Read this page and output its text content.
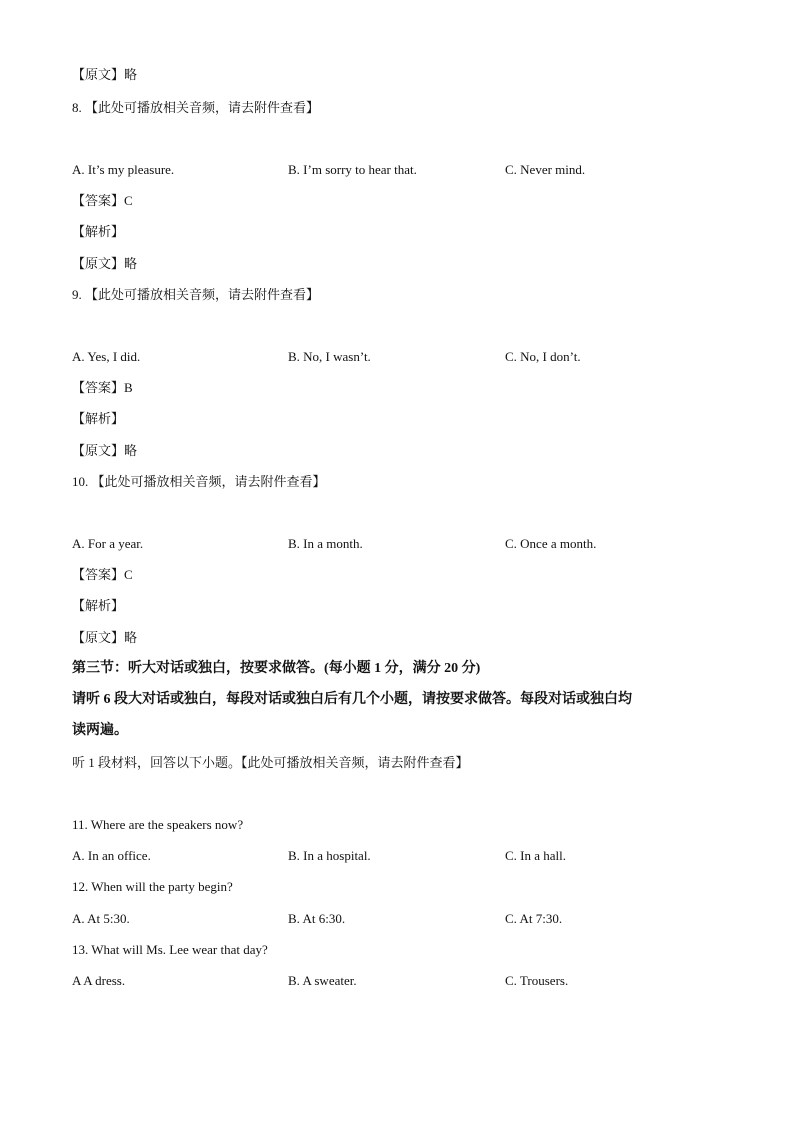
【原文】略
8. 【此处可播放相关音频，请去附件查看】
A. It’s my pleasure.	B. I’m sorry to hear that.	C. Never mind.
【答案】C
【解析】
【原文】略
9. 【此处可播放相关音频，请去附件查看】
A. Yes, I did.	B. No, I wasn’t.	C. No, I don’t.
【答案】B
【解析】
【原文】略
10. 【此处可播放相关音频，请去附件查看】
A. For a year.	B. In a month.	C. Once a month.
【答案】C
【解析】
【原文】略
第三节：听大对话或独白，按要求做答。(每小题 1 分，满分 20 分)
请听 6 段大对话或独白，每段对话或独白后有几个小题，请按要求做答。每段对话或独白均
读两遍。
听 1 段材料，回答以下小题。【此处可播放相关音频，请去附件查看】
11. Where are the speakers now?
A. In an office.	B. In a hospital.	C. In a hall.
12. When will the party begin?
A. At 5:30.	B. At 6:30.	C. At 7:30.
13. What will Ms. Lee wear that day?
A A dress.	B. A sweater.	C. Trousers.
